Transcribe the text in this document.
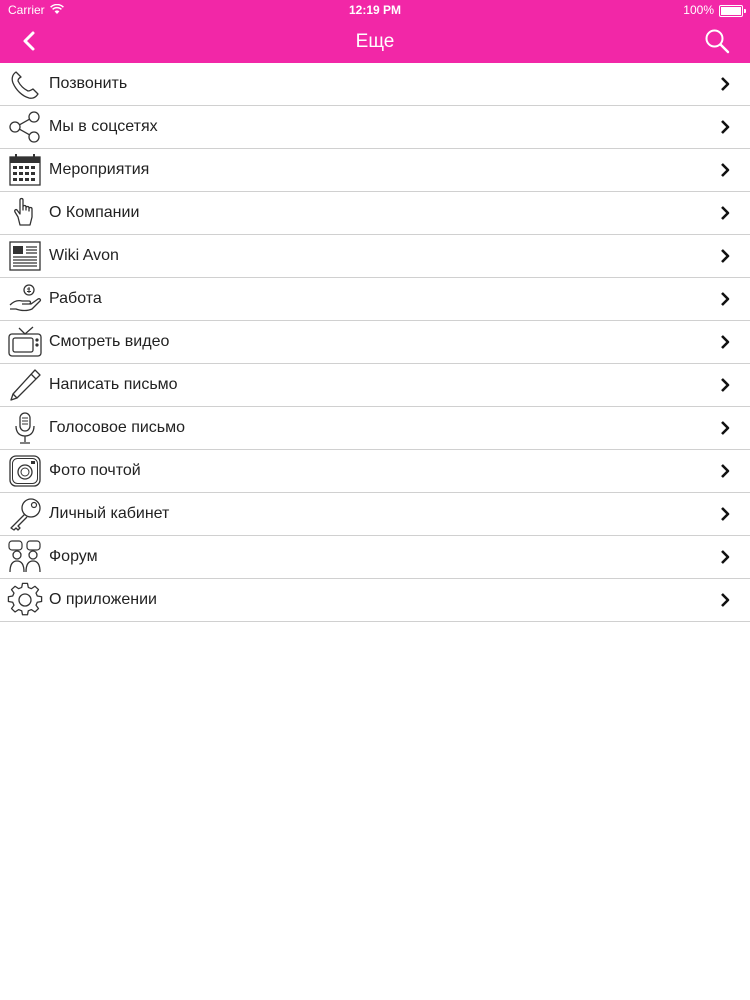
Carrier	12:19 PM	100%
Еще
Позвонить
Мы в соцсетях
Мероприятия
О Компании
Wiki Avon
Работа
Смотреть видео
Написать письмо
Голосовое письмо
Фото почтой
Личный кабинет
Форум
О приложении
